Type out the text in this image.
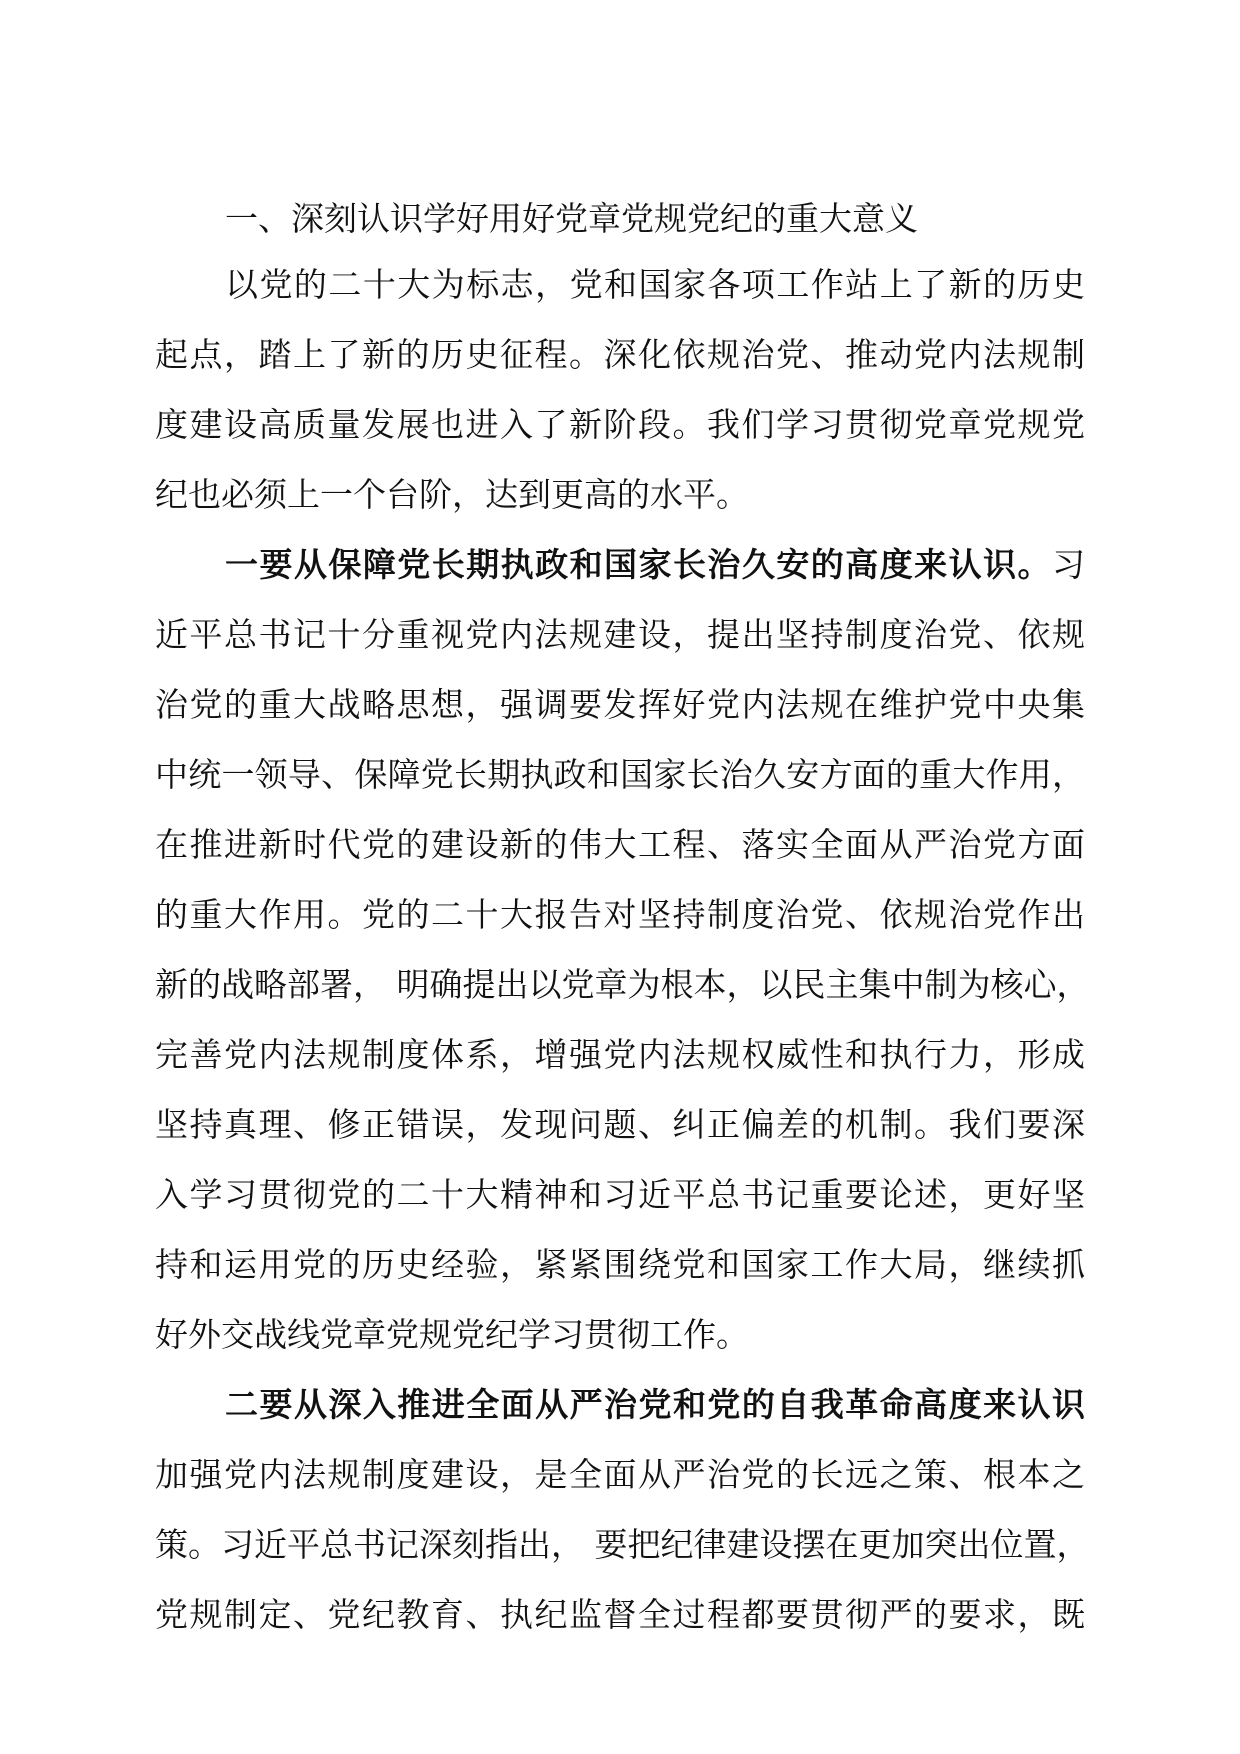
一、深刻认识学好用好党章党规党纪的重大意义
以党的二十大为标志，党和国家各项工作站上了新的历史
起点，踏上了新的历史征程。深化依规治党、推动党内法规制
度建设高质量发展也进入了新阶段。我们学习贯彻党章党规党
纪也必须上一个台阶，达到更高的水平。
一要从保障党长期执政和国家长治久安的高度来认识。习
近平总书记十分重视党内法规建设，提出坚持制度治党、依规
治党的重大战略思想，强调要发挥好党内法规在维护党中央集
中统一领导、保障党长期执政和国家长治久安方面的重大作用，
在推进新时代党的建设新的伟大工程、落实全面从严治党方面
的重大作用。党的二十大报告对坚持制度治党、依规治党作出
新的战略部署， 明确提出以党章为根本，以民主集中制为核心，
完善党内法规制度体系，增强党内法规权威性和执行力，形成
坚持真理、修正错误，发现问题、纠正偏差的机制。我们要深
入学习贯彻党的二十大精神和习近平总书记重要论述，更好坚
持和运用党的历史经验，紧紧围绕党和国家工作大局，继续抓
好外交战线党章党规党纪学习贯彻工作。
二要从深入推进全面从严治党和党的自我革命高度来认识
加强党内法规制度建设，是全面从严治党的长远之策、根本之
策。习近平总书记深刻指出， 要把纪律建设摆在更加突出位置，
党规制定、党纪教育、执纪监督全过程都要贯彻严的要求，既
